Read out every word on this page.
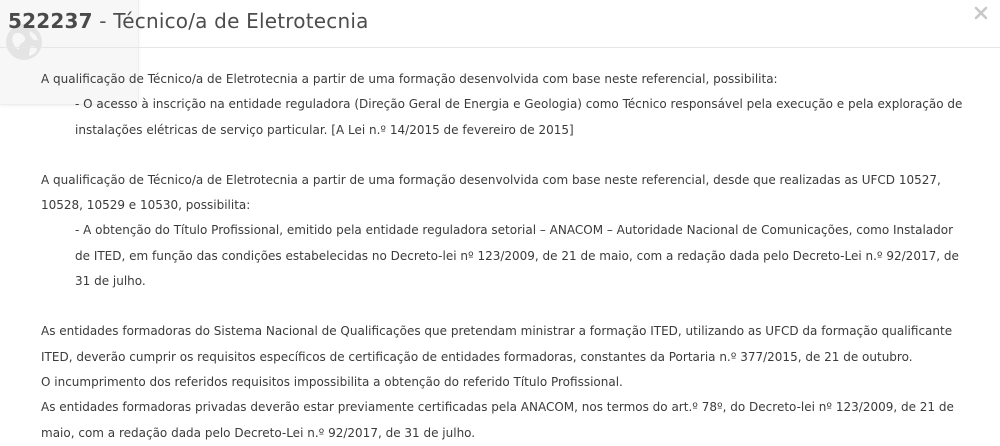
522237 - Técnico/a de Eletrotecnia

A qualificação de Técnico/a de Eletrotecnia a partir de uma formação desenvolvida com base neste referencial, possibilita:

- O acesso à inscrição na entidade reguladora (Direção Geral de Energia e Geologia) como Técnico responsável pela execução e pela exploração de instalações elétricas de serviço particular. [A Lei n.º 14/2015 de fevereiro de 2015]

A qualificação de Técnico/a de Eletrotecnia a partir de uma formação desenvolvida com base neste referencial, desde que realizadas as UFCD 10527, 10528, 10529 e 10530, possibilita:

- A obtenção do Título Profissional, emitido pela entidade reguladora setorial – ANACOM – Autoridade Nacional de Comunicações, como Instalador de ITED, em função das condições estabelecidas no Decreto-lei nº 123/2009, de 21 de maio, com a redação dada pelo Decreto-Lei n.º 92/2017, de 31 de julho.

As entidades formadoras do Sistema Nacional de Qualificações que pretendam ministrar a formação ITED, utilizando as UFCD da formação qualificante ITED, deverão cumprir os requisitos específicos de certificação de entidades formadoras, constantes da Portaria n.º 377/2015, de 21 de outubro.

O incumprimento dos referidos requisitos impossibilita a obtenção do referido Título Profissional.

As entidades formadoras privadas deverão estar previamente certificadas pela ANACOM, nos termos do art.º 78º, do Decreto-lei nº 123/2009, de 21 de maio, com a redação dada pelo Decreto-Lei n.º 92/2017, de 31 de julho.
